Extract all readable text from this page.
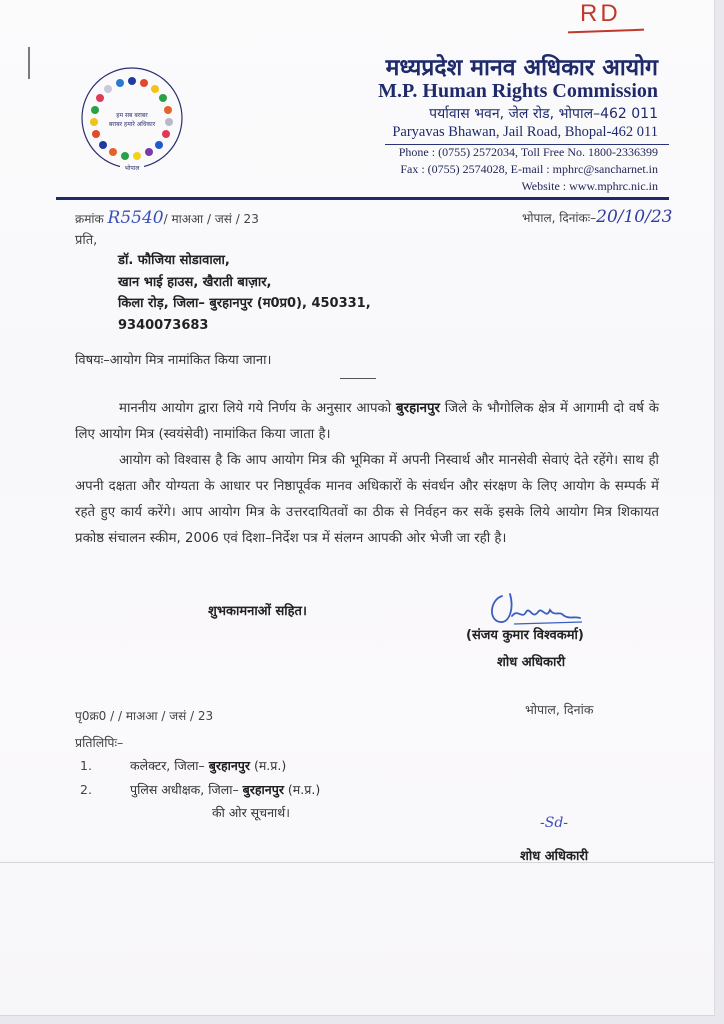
RD
हम सब बराबर
बराबर हमारे अधिकार
भोपाल
मध्यप्रदेश मानव अधिकार आयोग
M.P. Human Rights Commission
पर्यावास भवन, जेल रोड, भोपाल–462 011
Paryavas Bhawan, Jail Road, Bhopal-462 011
Phone : (0755) 2572034, Toll Free No. 1800-2336399
Fax : (0755) 2574028, E-mail : mphrc@sancharnet.in
Website : www.mphrc.nic.in
क्रमांक R5540/ माअआ / जसं / 23	भोपाल, दिनांकः–20/10/23
प्रति,
डॉ. फौजिया सोडावाला,
खान भाई हाउस, खैराती बाज़ार,
किला रोड़, जिला– बुरहानपुर (म0प्र0), 450331,
9340073683
विषयः–आयोग मित्र नामांकित किया जाना।
माननीय आयोग द्वारा लिये गये निर्णय के अनुसार आपको बुरहानपुर जिले के भौगोलिक क्षेत्र में आगामी दो वर्ष के लिए आयोग मित्र (स्वयंसेवी) नामांकित किया जाता है।
आयोग को विश्वास है कि आप आयोग मित्र की भूमिका में अपनी निस्वार्थ और मानसेवी सेवाएं देते रहेंगे। साथ ही अपनी दक्षता और योग्यता के आधार पर निष्ठापूर्वक मानव अधिकारों के संवर्धन और संरक्षण के लिए आयोग के सम्पर्क में रहते हुए कार्य करेंगे। आप आयोग मित्र के उत्तरदायितवों का ठीक से निर्वहन कर सकें इसके लिये आयोग मित्र शिकायत प्रकोष्ठ संचालन स्कीम, 2006 एवं दिशा–निर्देश पत्र में संलग्न आपकी ओर भेजी जा रही है।
शुभकामनाओं सहित।
(संजय कुमार विश्वकर्मा)
शोध अधिकारी
पृ0क्र0 / / माअआ / जसं / 23	भोपाल, दिनांक
प्रतिलिपिः–
1.	कलेक्टर, जिला– बुरहानपुर (म.प्र.)
2.	पुलिस अधीक्षक, जिला– बुरहानपुर (म.प्र.)
की ओर सूचनार्थ।
-Sd-
शोध अधिकारी
